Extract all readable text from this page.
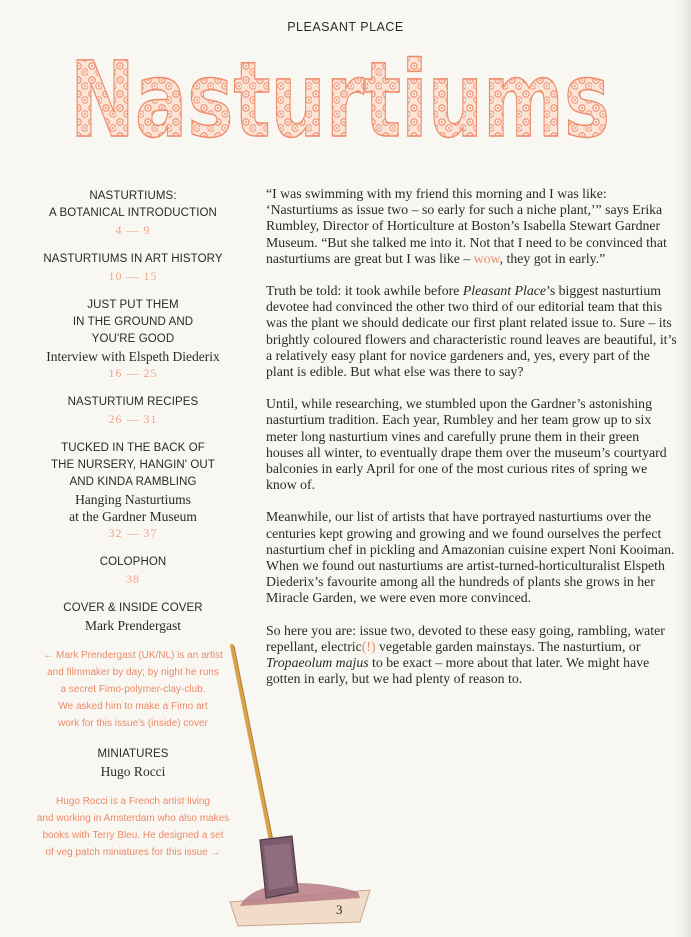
PLEASANT PLACE
Nasturtiums
NASTURTIUMS:
A BOTANICAL INTRODUCTION
4 — 9
NASTURTIUMS IN ART HISTORY
10 — 15
JUST PUT THEM
IN THE GROUND AND
YOU'RE GOOD
Interview with Elspeth Diederix
16 — 25
NASTURTIUM RECIPES
26 — 31
TUCKED IN THE BACK OF
THE NURSERY, HANGIN' OUT
AND KINDA RAMBLING
Hanging Nasturtiums
at the Gardner Museum
32 — 37
COLOPHON
38
COVER & INSIDE COVER
Mark Prendergast
← Mark Prendergast (UK/NL) is an artist
and filmmaker by day; by night he runs
a secret Fimo-polymer-clay-club.
We asked him to make a Fimo art
work for this issue's (inside) cover
MINIATURES
Hugo Rocci
Hugo Rocci is a French artist living
and working in Amsterdam who also makes
books with Terry Bleu. He designed a set
of veg patch miniatures for this issue →

“I was swimming with my friend this morning and I was like: ‘Nasturtiums as issue two – so early for such a niche plant,’” says Erika Rumbley, Director of Horticulture at Boston’s Isabella Stewart Gardner Museum. “But she talked me into it. Not that I need to be convinced that nasturtiums are great but I was like – wow, they got in early.”

Truth be told: it took awhile before Pleasant Place’s biggest nasturtium devotee had convinced the other two third of our editorial team that this was the plant we should dedicate our first plant related issue to. Sure – its brightly coloured flowers and characteristic round leaves are beautiful, it’s a relatively easy plant for novice gardeners and, yes, every part of the plant is edible. But what else was there to say?

Until, while researching, we stumbled upon the Gardner’s astonishing nasturtium tradition. Each year, Rumbley and her team grow up to six meter long nasturtium vines and carefully prune them in their green houses all winter, to eventually drape them over the museum’s courtyard balconies in early April for one of the most curious rites of spring we know of.

Meanwhile, our list of artists that have portrayed nasturtiums over the centuries kept growing and growing and we found ourselves the perfect nasturtium chef in pickling and Amazonian cuisine expert Noni Kooiman. When we found out nasturtiums are artist-turned-horticulturalist Elspeth Diederix’s favourite among all the hundreds of plants she grows in her Miracle Garden, we were even more convinced.

So here you are: issue two, devoted to these easy going, rambling, water repellant, electric(!) vegetable garden mainstays. The nasturtium, or Tropaeolum majus to be exact – more about that later. We might have gotten in early, but we had plenty of reason to.

3
